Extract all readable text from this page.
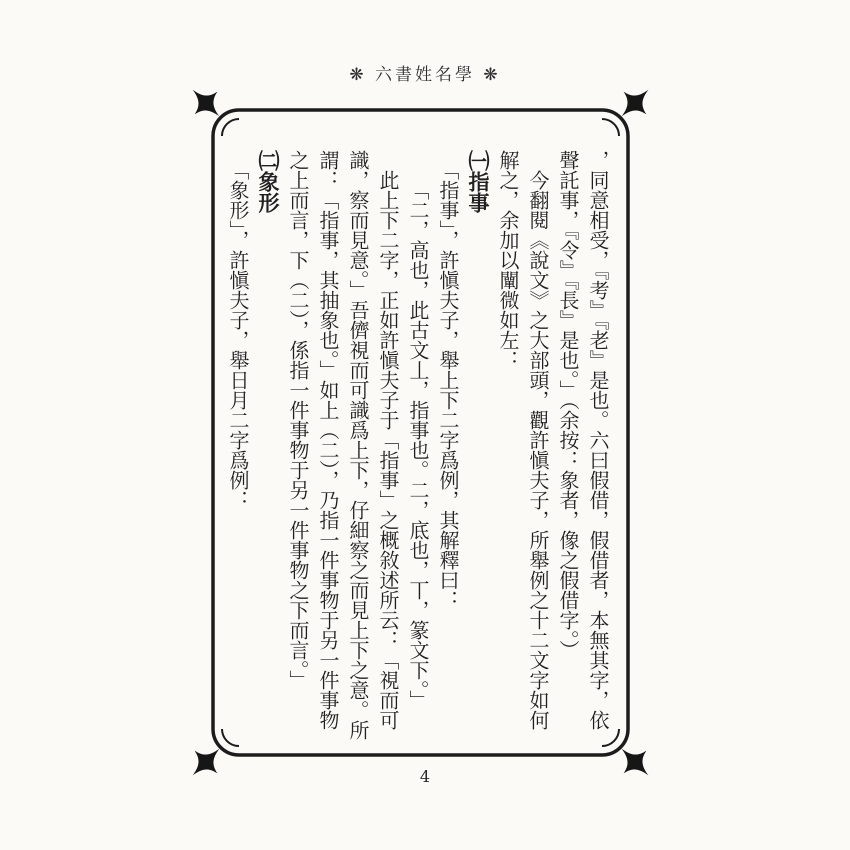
❋ 六書姓名學 ❋
，同意相受，『考』『老』是也。六曰假借，假借者，本無其字，依
聲託事，『令』『長』是也。」（余按：象者，像之假借字。）
　今翻閱《說文》之大部頭，觀許愼夫子，所舉例之十二文字如何
解之，余加以闡微如左：
㈠指事
　「指事」，許愼夫子，舉上下二字爲例，其解釋曰：
　　「二，高也，此古文丄，指事也。二，底也，丅，篆文下。」
　此上下二字，正如許愼夫子于「指事」之概敘述所云：「視而可
識，察而見意。」吾儕視而可識爲上下，仔細察之而見上下之意。所
謂：「指事，其抽象也。」如上（二），乃指一件事物于另一件事物
之上而言，下（二），係指一件事物于另一件事物之下而言。」
㈡象形
　「象形」，許愼夫子，舉日月二字爲例：
4
